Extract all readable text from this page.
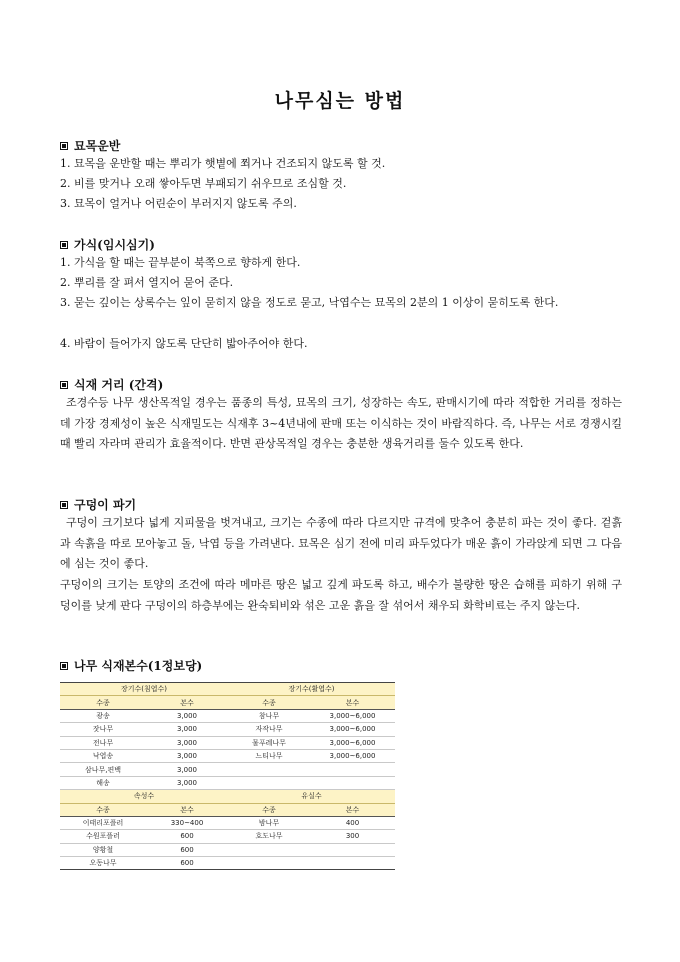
나무심는 방법
묘목운반
1. 묘목을 운반할 때는 뿌리가 햇볕에 쬐거나 건조되지 않도록 할 것.
2. 비를 맞거나 오래 쌓아두면 부패되기 쉬우므로 조심할 것.
3. 묘목이 얼거나 어린순이 부러지지 않도록 주의.
가식(임시심기)
1. 가식을 할 때는 끝부분이 북쪽으로 향하게 한다.
2. 뿌리를 잘 펴서 열지어 묻어 준다.
3. 묻는 깊이는 상록수는 잎이 묻히지 않을 정도로 묻고, 낙엽수는 묘목의 2분의 1 이상이 묻히도록 한다.
4. 바람이 들어가지 않도록 단단히 밟아주어야 한다.
식재 거리 (간격)
조경수등 나무 생산목적일 경우는 품종의 특성, 묘목의 크기, 성장하는 속도, 판매시기에 따라 적합한 거리를 정하는데 가장 경제성이 높은 식재밀도는 식재후 3~4년내에 판매 또는 이식하는 것이 바람직하다. 즉, 나무는 서로 경쟁시킬때 빨리 자라며 관리가 효율적이다. 반면 관상목적일 경우는 충분한 생육거리를 둘수 있도록 한다.
구덩이 파기
구덩이 크기보다 넓게 지피물을 벗겨내고, 크기는 수종에 따라 다르지만 규격에 맞추어 충분히 파는 것이 좋다. 겉흙과 속흙을 따로 모아놓고 돌, 낙엽 등을 가려낸다. 묘목은 심기 전에 미리 파두었다가 매운 흙이 가라앉게 되면 그 다음에 심는 것이 좋다.
구덩이의 크기는 토양의 조건에 따라 메마른 땅은 넓고 깊게 파도록 하고, 배수가 불량한 땅은 습해를 피하기 위해 구덩이를 낮게 판다 구덩이의 하층부에는 완숙퇴비와 섞은 고운 흙을 잘 섞어서 채우되 화학비료는 주지 않는다.
나무 식재본수(1정보당)
장기수(침엽수)		장기수(활엽수)	
수종	본수	수종	본수
광송	3,000	참나무	3,000~6,000
잣나무	3,000	자작나무	3,000~6,000
전나무	3,000	물푸레나무	3,000~6,000
낙엽송	3,000	느티나무	3,000~6,000
삼나무,편백	3,000		
해송	3,000		
속성수		유실수	
수종	본수	수종	본수
이태리포플러	330~400	밤나무	400
수원포플러	600	호도나무	300
양황철	600		
오동나무	600		
